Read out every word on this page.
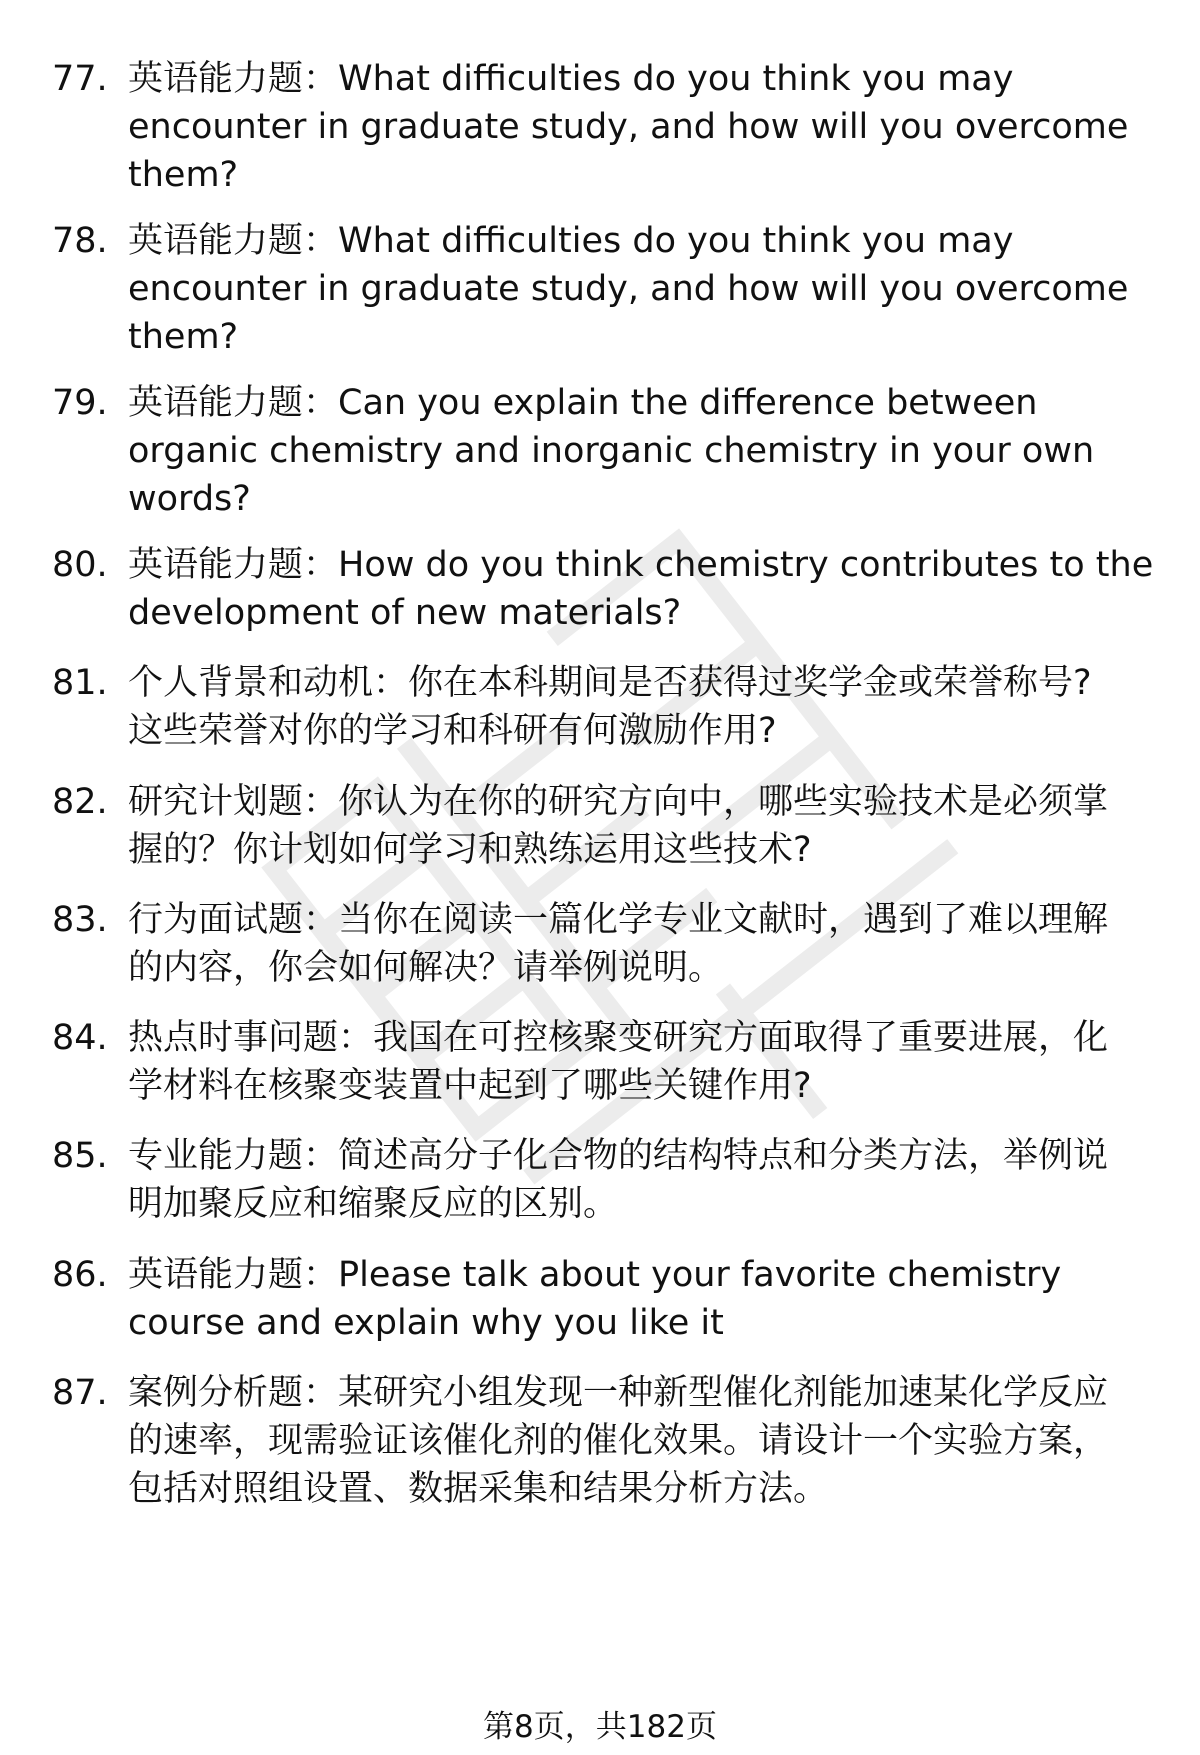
77. 英语能力题：What difficulties do you think you may
encounter in graduate study, and how will you overcome
them?
78. 英语能力题：What difficulties do you think you may
encounter in graduate study, and how will you overcome
them?
79. 英语能力题：Can you explain the difference between
organic chemistry and inorganic chemistry in your own
words?
80. 英语能力题：How do you think chemistry contributes to the
development of new materials?
81. 个人背景和动机：你在本科期间是否获得过奖学金或荣誉称号?
这些荣誉对你的学习和科研有何激励作用?
82. 研究计划题：你认为在你的研究方向中，哪些实验技术是必须掌
握的？你计划如何学习和熟练运用这些技术?
83. 行为面试题：当你在阅读一篇化学专业文献时，遇到了难以理解
的内容，你会如何解决？请举例说明。
84. 热点时事问题：我国在可控核聚变研究方面取得了重要进展，化
学材料在核聚变装置中起到了哪些关键作用?
85. 专业能力题：简述高分子化合物的结构特点和分类方法，举例说
明加聚反应和缩聚反应的区别。
86. 英语能力题：Please talk about your favorite chemistry
course and explain why you like it
87. 案例分析题：某研究小组发现一种新型催化剂能加速某化学反应
的速率，现需验证该催化剂的催化效果。请设计一个实验方案，
包括对照组设置、数据采集和结果分析方法。
第8页，共182页
